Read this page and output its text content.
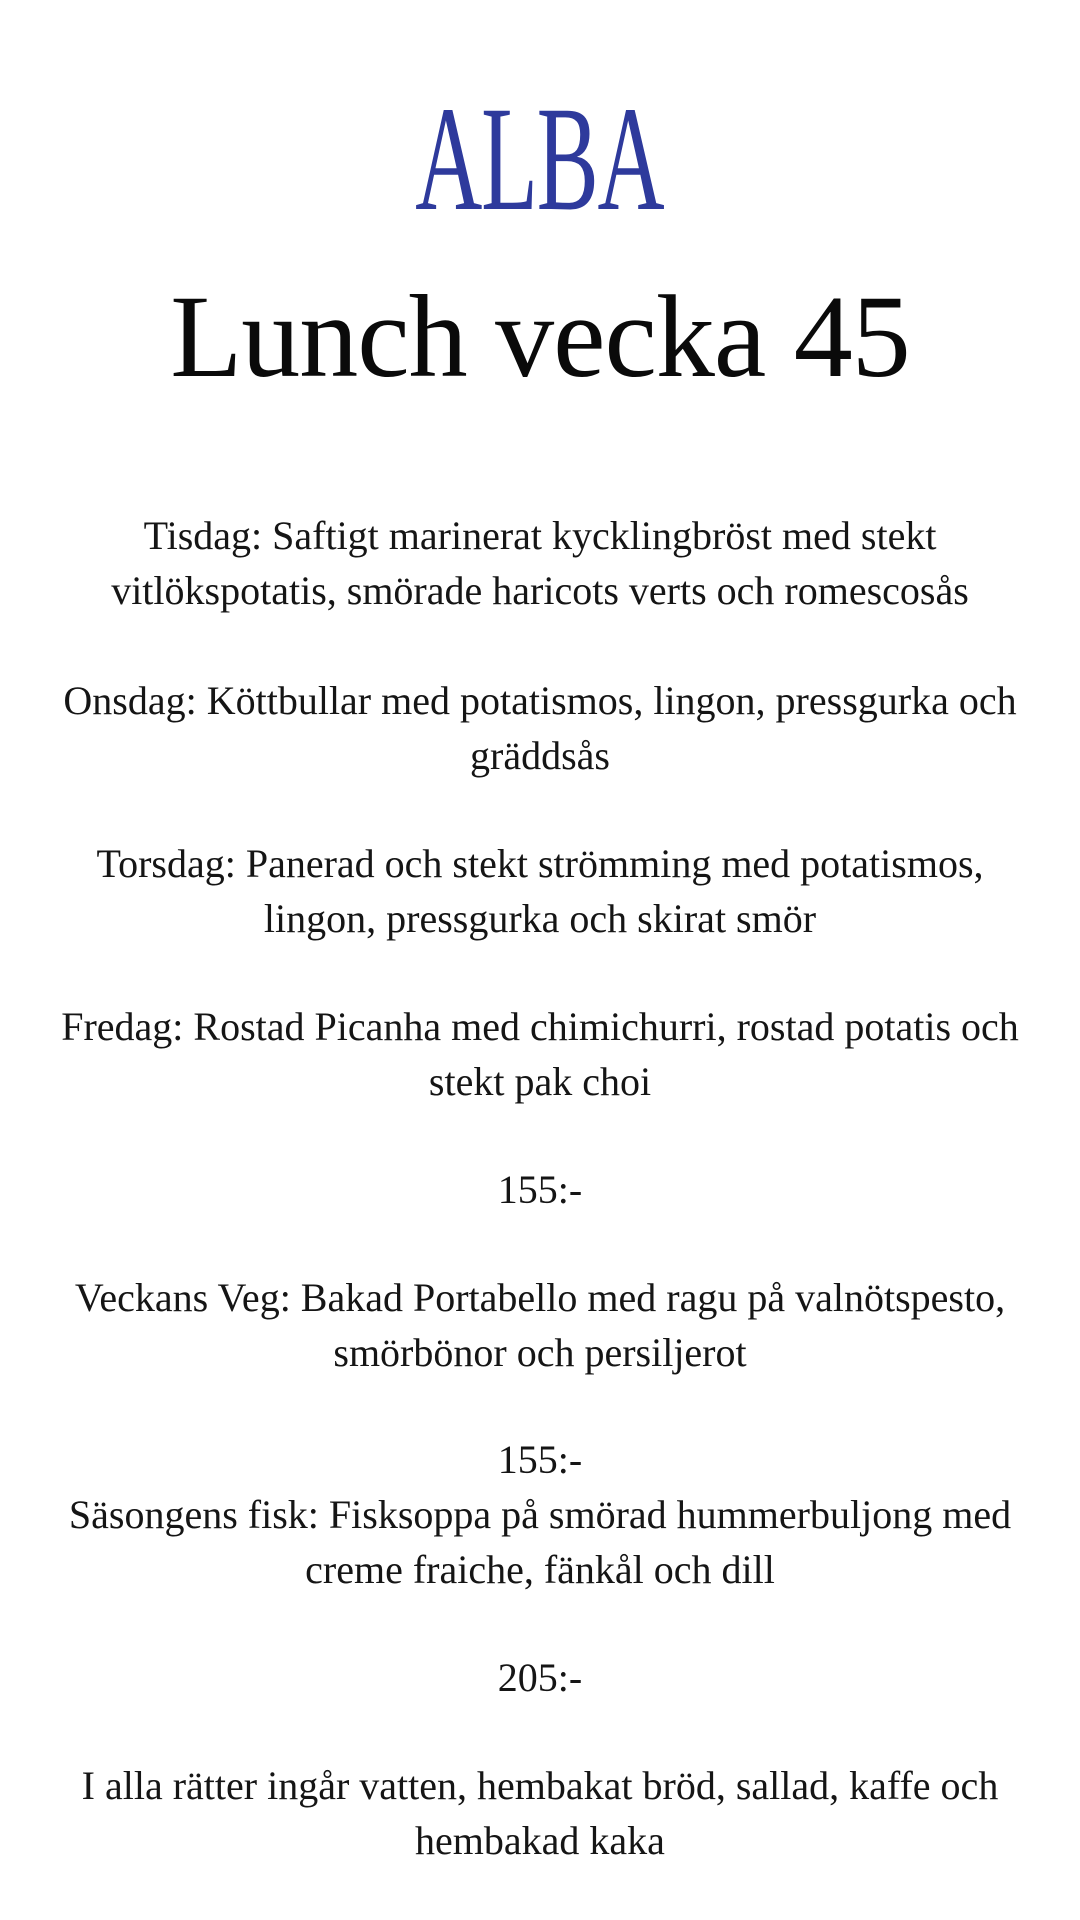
ALBA
Lunch vecka 45
Tisdag: Saftigt marinerat kycklingbröst med stekt vitlökspotatis, smörade haricots verts och romescosås
Onsdag: Köttbullar med potatismos, lingon, pressgurka och gräddsås
Torsdag: Panerad och stekt strömming med potatismos, lingon, pressgurka och skirat smör
Fredag: Rostad Picanha med chimichurri, rostad potatis och stekt pak choi
155:-
Veckans Veg: Bakad Portabello med ragu på valnötspesto, smörbönor och persiljerot
155:-
Säsongens fisk: Fisksoppa på smörad hummerbuljong med creme fraiche, fänkål och dill
205:-
I alla rätter ingår vatten, hembakat bröd, sallad, kaffe och hembakad kaka
